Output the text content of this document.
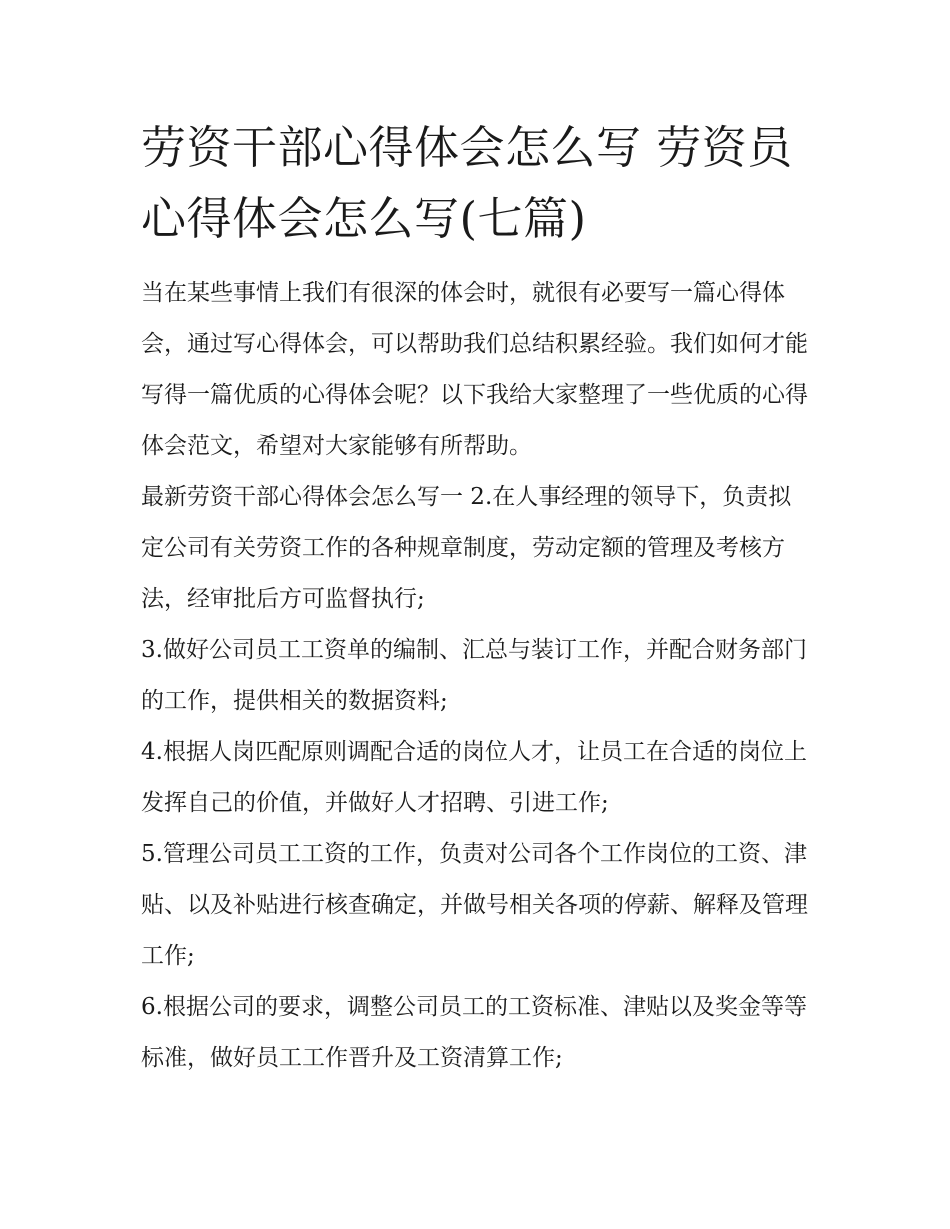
劳资干部心得体会怎么写 劳资员心得体会怎么写(七篇)

当在某些事情上我们有很深的体会时，就很有必要写一篇心得体会，通过写心得体会，可以帮助我们总结积累经验。我们如何才能写得一篇优质的心得体会呢？以下我给大家整理了一些优质的心得体会范文，希望对大家能够有所帮助。

最新劳资干部心得体会怎么写一 2.在人事经理的领导下，负责拟定公司有关劳资工作的各种规章制度，劳动定额的管理及考核方法，经审批后方可监督执行;

3.做好公司员工工资单的编制、汇总与装订工作，并配合财务部门的工作，提供相关的数据资料;

4.根据人岗匹配原则调配合适的岗位人才，让员工在合适的岗位上发挥自己的价值，并做好人才招聘、引进工作;

5.管理公司员工工资的工作，负责对公司各个工作岗位的工资、津贴、以及补贴进行核查确定，并做号相关各项的停薪、解释及管理工作;

6.根据公司的要求，调整公司员工的工资标准、津贴以及奖金等等标准，做好员工工作晋升及工资清算工作;
